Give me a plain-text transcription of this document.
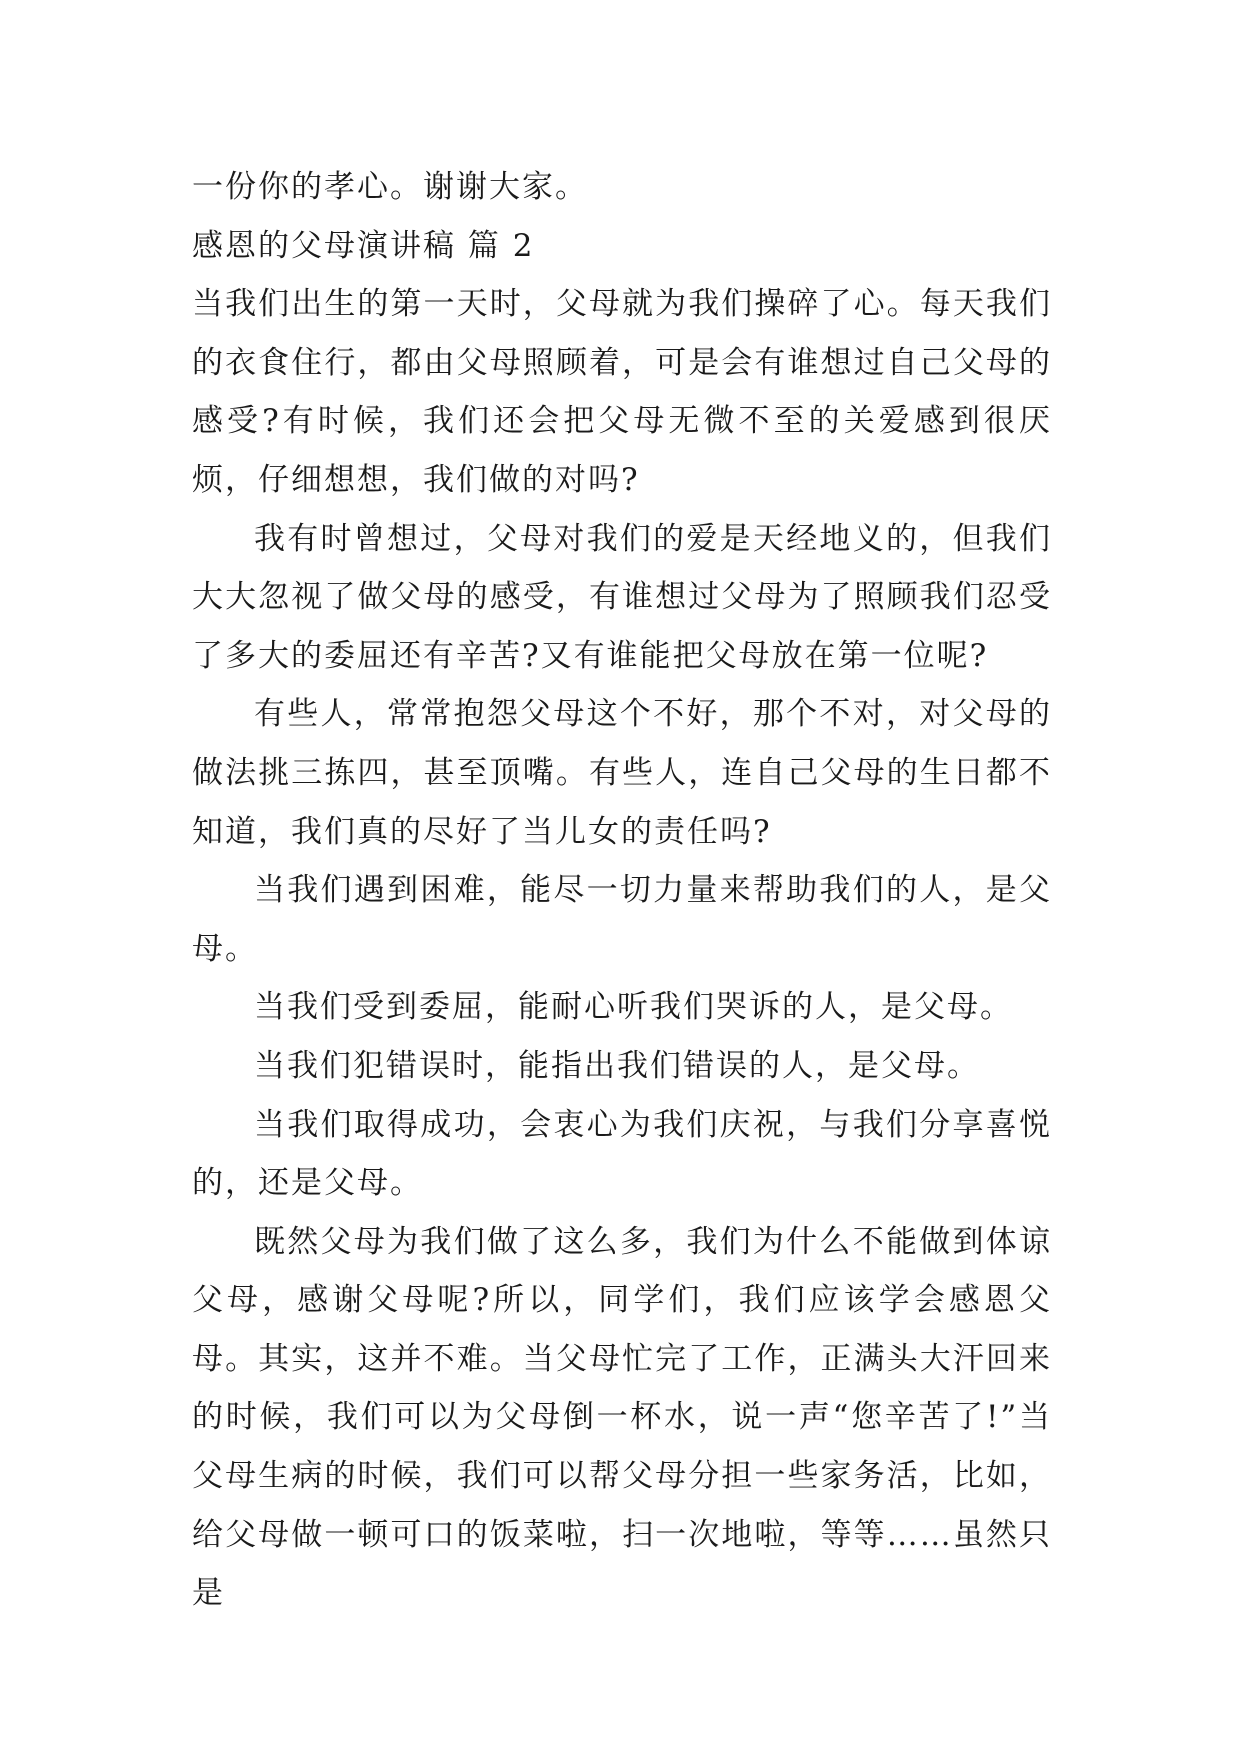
一份你的孝心。谢谢大家。
感恩的父母演讲稿 篇 2

当我们出生的第一天时，父母就为我们操碎了心。每天我们的衣食住行，都由父母照顾着，可是会有谁想过自己父母的感受?有时候，我们还会把父母无微不至的关爱感到很厌烦，仔细想想，我们做的对吗?

我有时曾想过，父母对我们的爱是天经地义的，但我们大大忽视了做父母的感受，有谁想过父母为了照顾我们忍受了多大的委屈还有辛苦?又有谁能把父母放在第一位呢?

有些人，常常抱怨父母这个不好，那个不对，对父母的做法挑三拣四，甚至顶嘴。有些人，连自己父母的生日都不知道，我们真的尽好了当儿女的责任吗?

当我们遇到困难，能尽一切力量来帮助我们的人，是父母。

当我们受到委屈，能耐心听我们哭诉的人，是父母。

当我们犯错误时，能指出我们错误的人，是父母。

当我们取得成功，会衷心为我们庆祝，与我们分享喜悦的，还是父母。

既然父母为我们做了这么多，我们为什么不能做到体谅父母，感谢父母呢?所以，同学们，我们应该学会感恩父母。其实，这并不难。当父母忙完了工作，正满头大汗回来的时候，我们可以为父母倒一杯水，说一声“您辛苦了!”当父母生病的时候，我们可以帮父母分担一些家务活，比如，给父母做一顿可口的饭菜啦，扫一次地啦，等等……虽然只是
